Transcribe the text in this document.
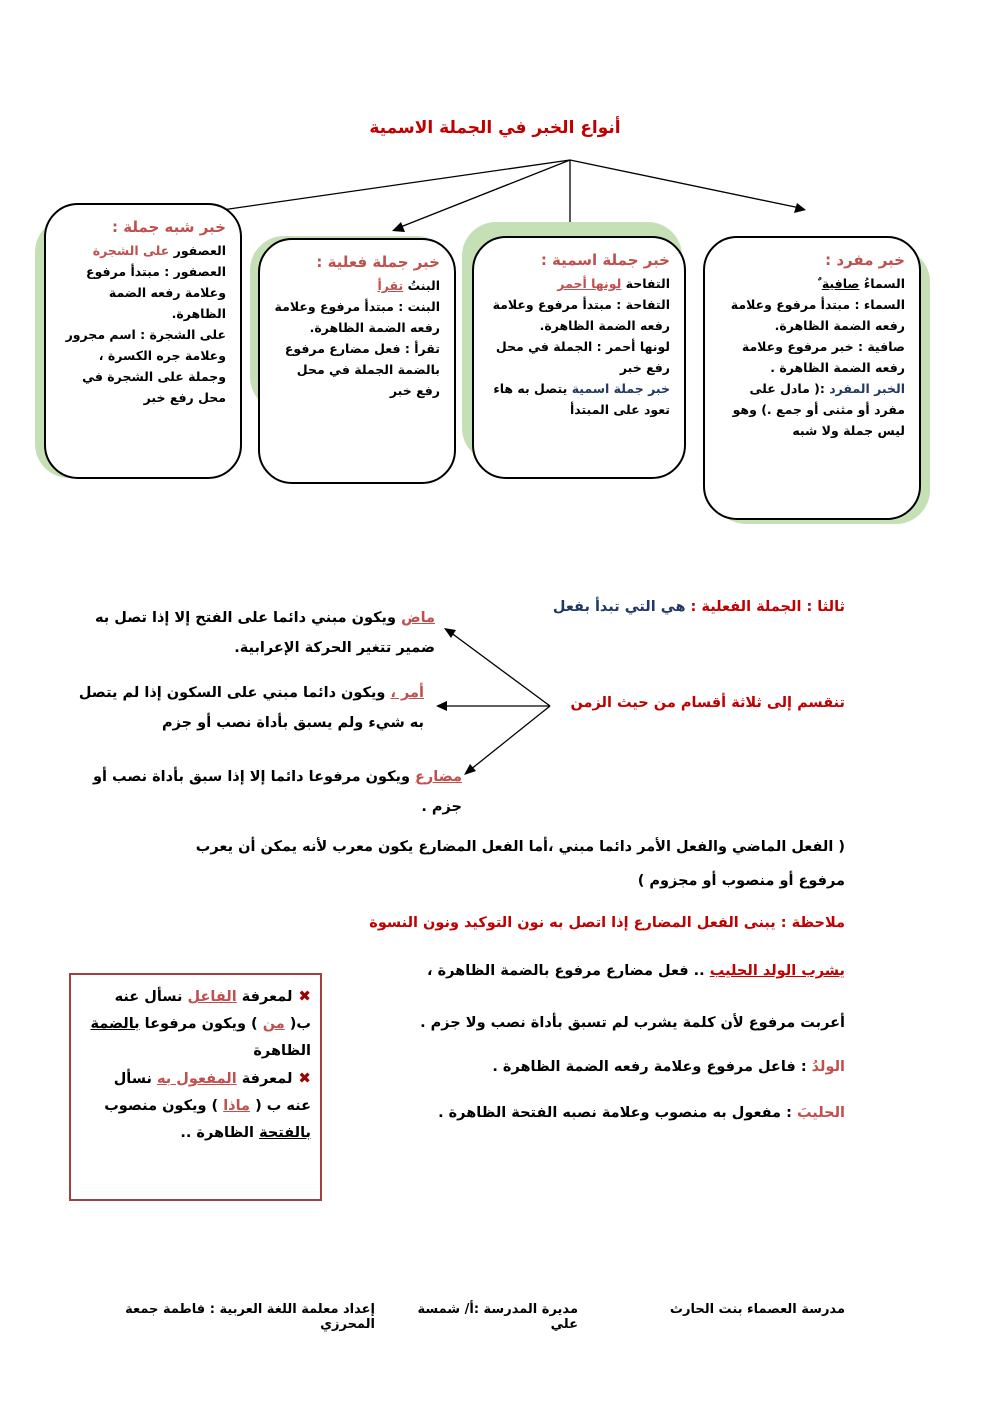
أنواع الخبر في الجملة الاسمية
خبر شبه جملة :

العصفور على الشجرة

العصفور : مبتدأ مرفوع وعلامة رفعه الضمة الظاهرة.

على الشجرة : اسم مجرور وعلامة جره الكسرة ، وجملة على الشجرة في محل رفع خبر

خبر جملة فعلية :

البنتُ تقرأ

البنت : مبتدأ مرفوع وعلامة رفعه الضمة الظاهرة.

تقرأ : فعل مضارع مرفوع بالضمة الجملة في محل رفع خبر

خبر جملة اسمية :

التفاحة لونها أحمر

التفاحة : مبتدأ مرفوع وعلامة رفعه الضمة الظاهرة.

لونها أحمر : الجملة في محل رفع خبر

خبر جملة اسمية يتصل به هاء تعود على المبتدأ

خبر مفرد :

السماءُ صافية ٌ

السماء : مبتدأ مرفوع وعلامة رفعه الضمة الظاهرة.

صافية : خبر مرفوع وعلامة رفعه الضمة الظاهرة .

الخبر المفرد :( مادل على مفرد أو مثنى أو جمع .) وهو ليس جملة ولا شبه

ثالثا : الجملة الفعلية : هي التي تبدأ بفعل
تنقسم إلى ثلاثة أقسام من حيث الزمن
ماض ويكون مبني دائما على الفتح إلا إذا تصل به ضمير تتغير الحركة الإعرابية.
أمر ، ويكون دائما مبني على السكون إذا لم يتصل به شيء ولم يسبق بأداة نصب أو جزم
مضارع ويكون مرفوعا دائما إلا إذا سبق بأداة نصب أو جزم .
( الفعل الماضي والفعل الأمر دائما مبني ،أما الفعل المضارع يكون معرب لأنه يمكن أن يعرب مرفوع أو منصوب أو مجزوم )
ملاحظة : يبنى الفعل المضارع إذا اتصل به نون التوكيد ونون النسوة
يشرب الولد الحليب .. فعل مضارع مرفوع بالضمة الظاهرة ،
أعربت مرفوع لأن كلمة يشرب لم تسبق بأداة نصب ولا جزم .
الولدُ : فاعل مرفوع وعلامة رفعه الضمة الظاهرة .
الحليبَ : مفعول به منصوب وعلامة نصبه الفتحة الظاهرة .
✖لمعرفة الفاعل نسأل عنه ب( من ) ويكون مرفوعا بالضمة الظاهرة
✖لمعرفة المفعول به نسأل عنه ب ( ماذا ) ويكون منصوب بالفتحة الظاهرة ..
مدرسة العصماء بنت الحارث
مديرة المدرسة :أ/ شمسة علي
إعداد معلمة اللغة العربية : فاطمة جمعة المحرزي
